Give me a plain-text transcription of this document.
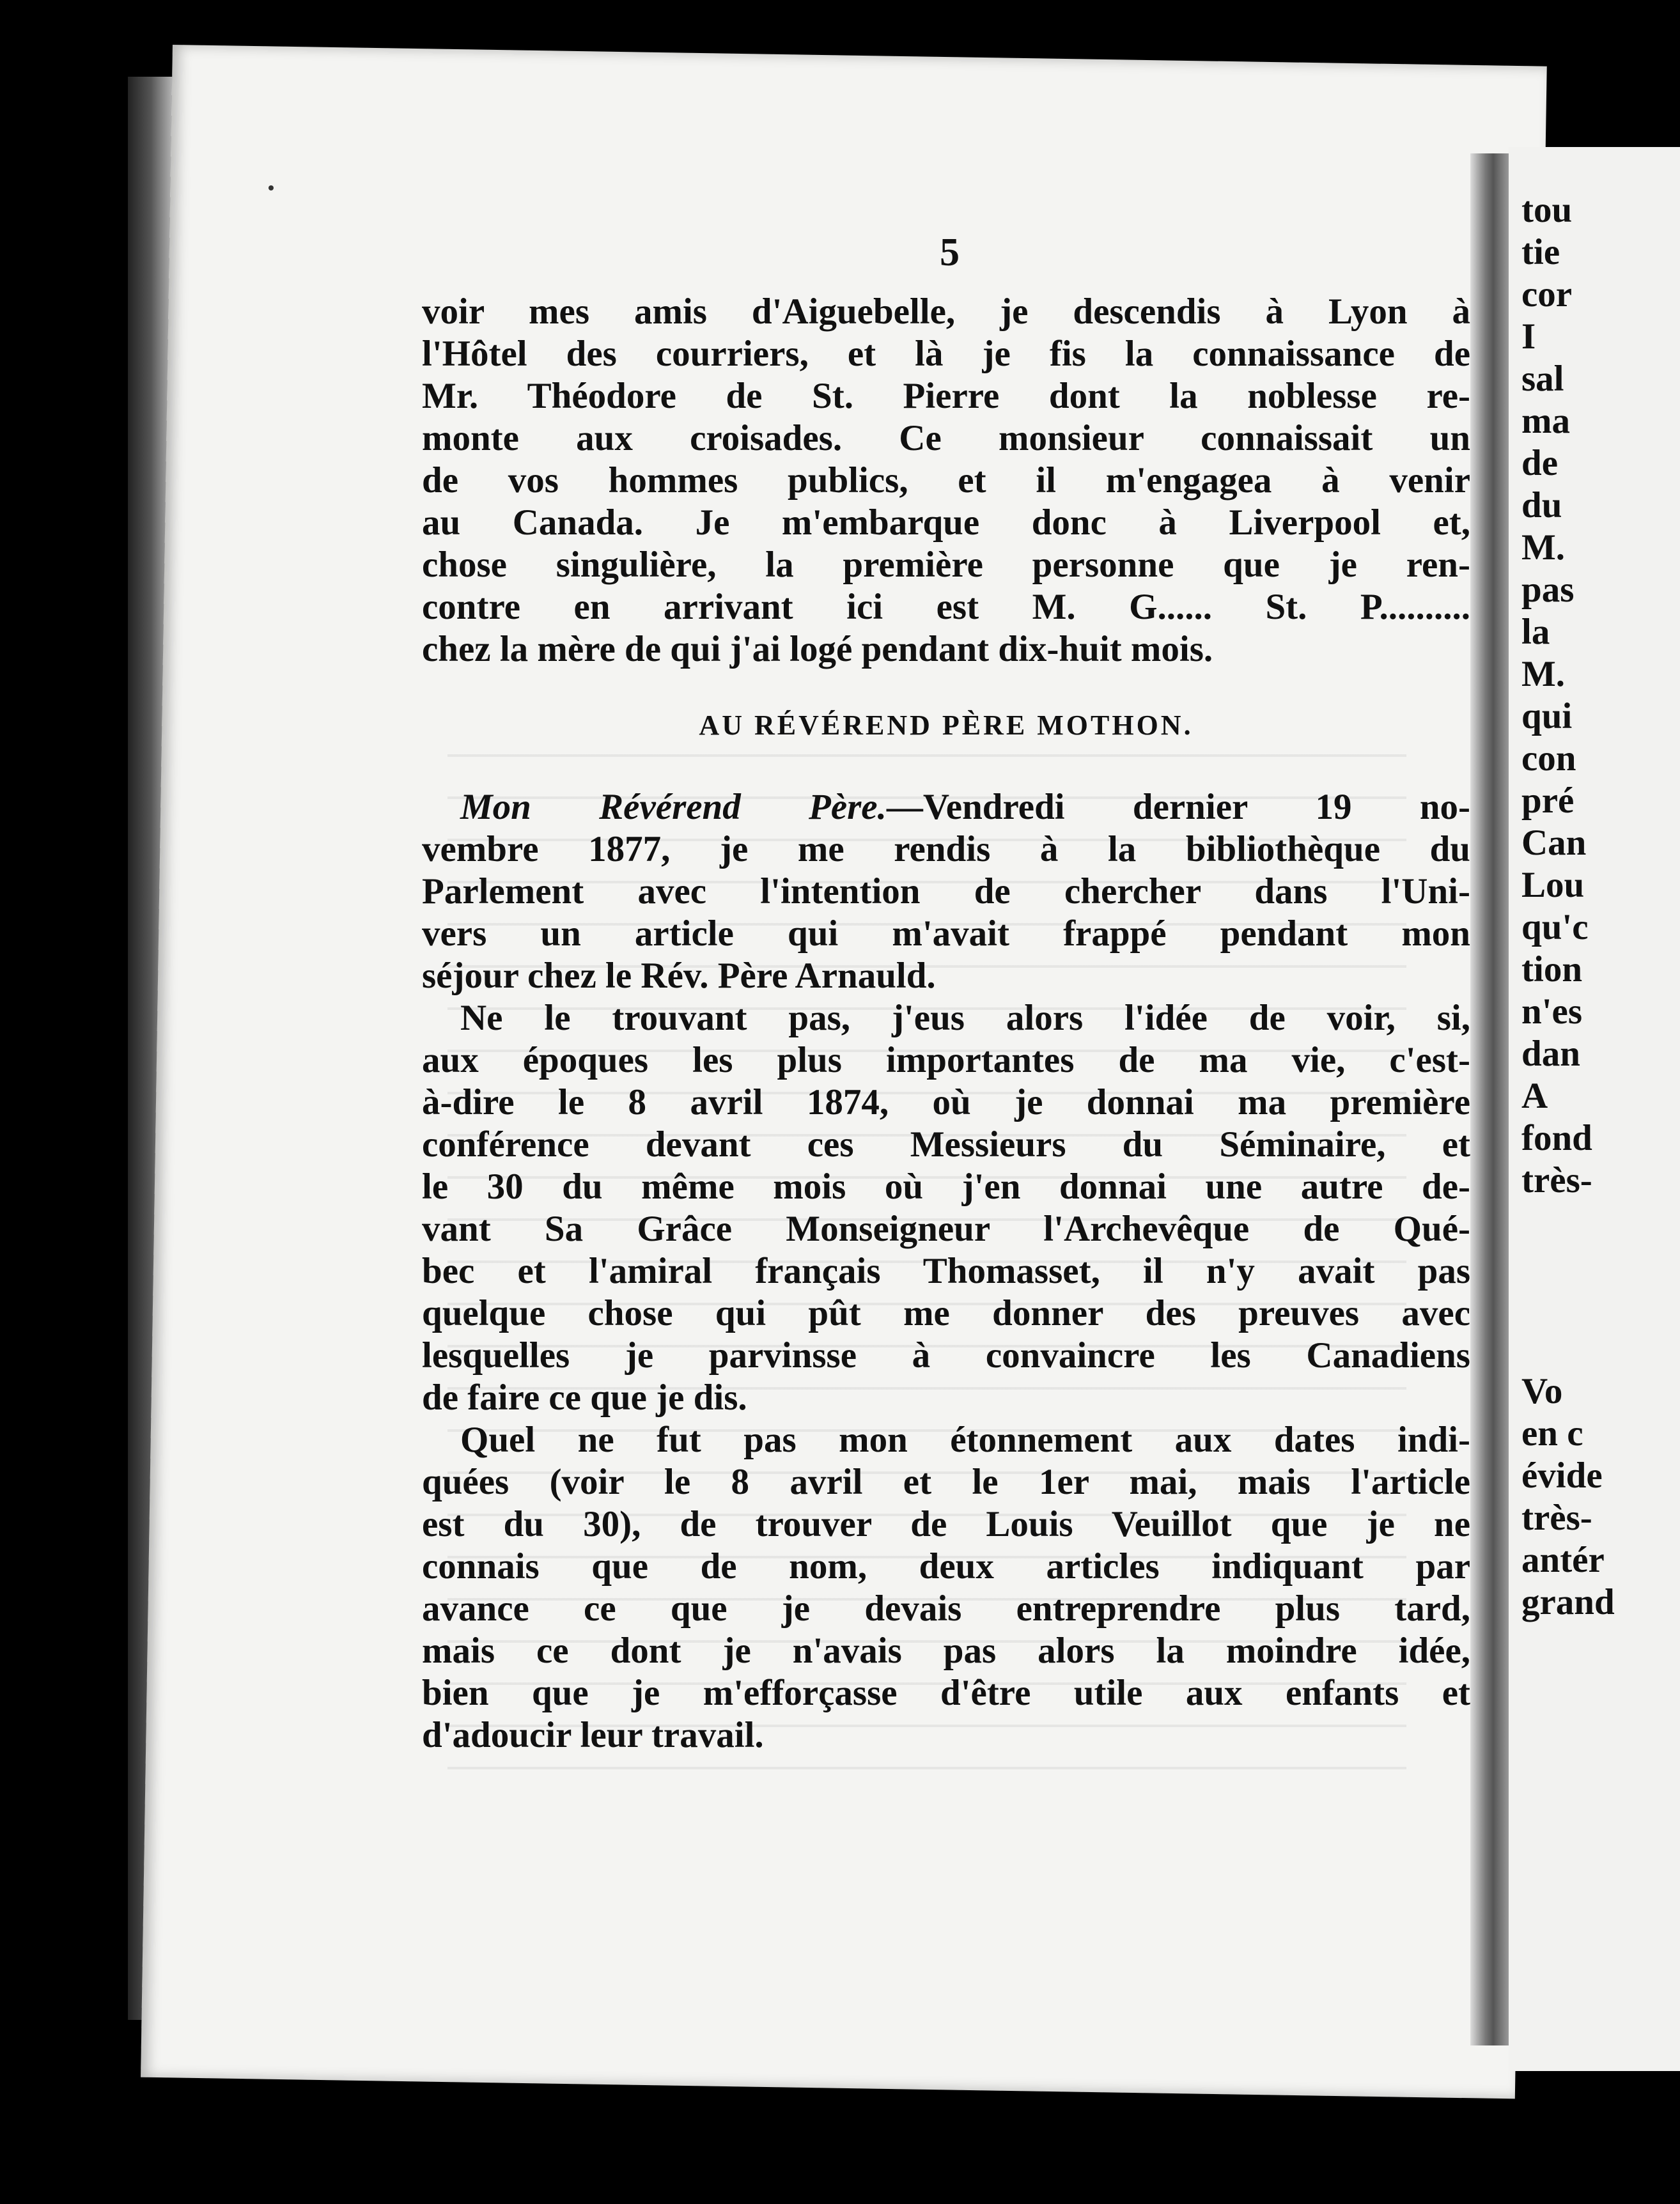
5
voir mes amis d'Aiguebelle, je descendis à Lyon à
l'Hôtel des courriers, et là je fis la connaissance de
Mr. Théodore de St. Pierre dont la noblesse re-
monte aux croisades. Ce monsieur connaissait un
de vos hommes publics, et il m'engagea à venir
au Canada. Je m'embarque donc à Liverpool et,
chose singulière, la première personne que je ren-
contre en arrivant ici est M. G...... St. P..........
chez la mère de qui j'ai logé pendant dix-huit mois.
AU RÉVÉREND PÈRE MOTHON.
Mon Révérend Père.—Vendredi dernier 19 no-
vembre 1877, je me rendis à la bibliothèque du
Parlement avec l'intention de chercher dans l'Uni-
vers un article qui m'avait frappé pendant mon
séjour chez le Rév. Père Arnauld.
Ne le trouvant pas, j'eus alors l'idée de voir, si,
aux époques les plus importantes de ma vie, c'est-
à-dire le 8 avril 1874, où je donnai ma première
conférence devant ces Messieurs du Séminaire, et
le 30 du même mois où j'en donnai une autre de-
vant Sa Grâce Monseigneur l'Archevêque de Qué-
bec et l'amiral français Thomasset, il n'y avait pas
quelque chose qui pût me donner des preuves avec
lesquelles je parvinsse à convaincre les Canadiens
de faire ce que je dis.
Quel ne fut pas mon étonnement aux dates indi-
quées (voir le 8 avril et le 1er mai, mais l'article
est du 30), de trouver de Louis Veuillot que je ne
connais que de nom, deux articles indiquant par
avance ce que je devais entreprendre plus tard,
mais ce dont je n'avais pas alors la moindre idée,
bien que je m'efforçasse d'être utile aux enfants et
d'adoucir leur travail.

tou
tie
cor
I
sal
ma
de
du
M.
pas
la
M.
qui
con
pré
Can
Lou
qu'c
tion
n'es
dan
A
fond
très-

Vo
en c
évide
très-
antér
grand
